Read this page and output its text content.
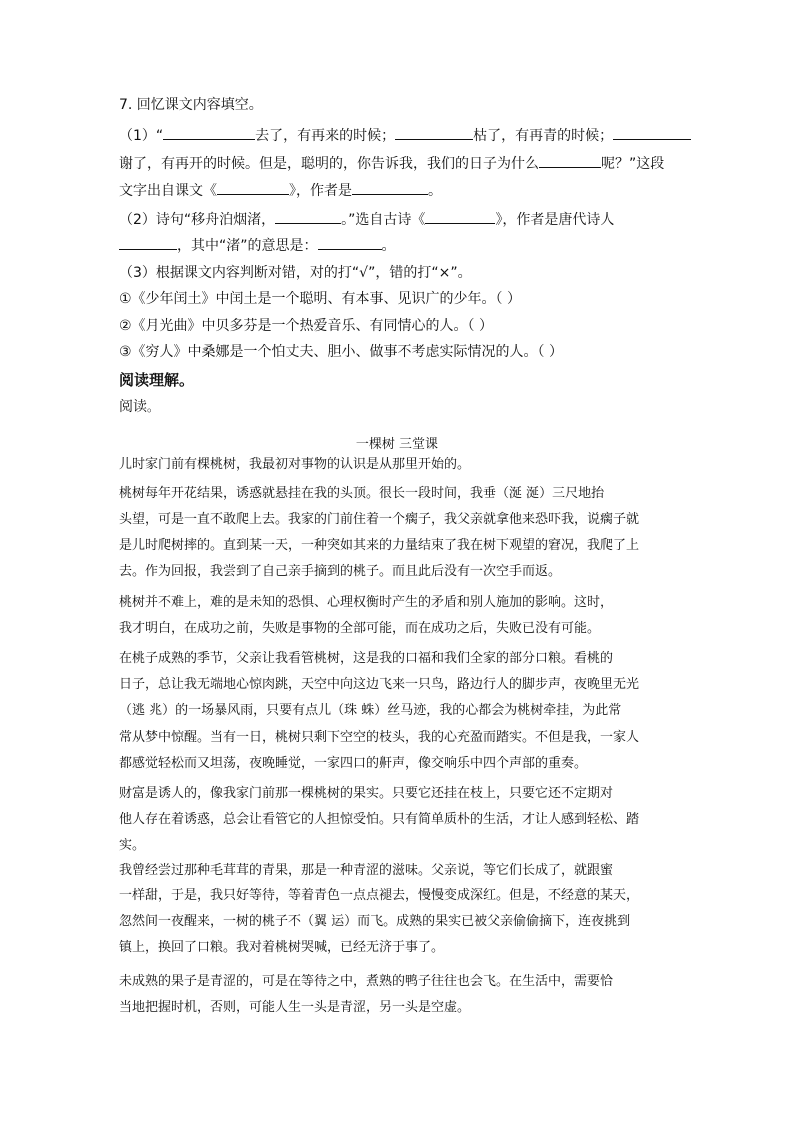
7. 回忆课文内容填空。
（1）“	去了，有再来的时候；	枯了，有再青的时候；
谢了，有再开的时候。但是，聪明的，你告诉我，我们的日子为什么	呢？”这段
文字出自课文《	》，作者是	。
（2）诗句“移舟泊烟渚，	。”选自古诗《	》，作者是唐代诗人
，其中“渚”的意思是：	。
（3）根据课文内容判断对错，对的打“√”，错的打“×”。
①《少年闰土》中闰土是一个聪明、有本事、见识广的少年。（ ）
②《月光曲》中贝多芬是一个热爱音乐、有同情心的人。（ ）
③《穷人》中桑娜是一个怕丈夫、胆小、做事不考虑实际情况的人。（ ）
阅读理解。
阅读。
一棵树 三堂课
儿时家门前有棵桃树，我最初对事物的认识是从那里开始的。
桃树每年开花结果，诱惑就悬挂在我的头顶。很长一段时间，我垂（涎 涎）三尺地抬
头望，可是一直不敢爬上去。我家的门前住着一个瘸子，我父亲就拿他来恐吓我，说瘸子就
是儿时爬树摔的。直到某一天，一种突如其来的力量结束了我在树下观望的窘况，我爬了上
去。作为回报，我尝到了自己亲手摘到的桃子。而且此后没有一次空手而返。
桃树并不难上，难的是未知的恐惧、心理权衡时产生的矛盾和别人施加的影响。这时，
我才明白，在成功之前，失败是事物的全部可能，而在成功之后，失败已没有可能。
在桃子成熟的季节，父亲让我看管桃树，这是我的口福和我们全家的部分口粮。看桃的
日子，总让我无端地心惊肉跳，天空中向这边飞来一只鸟，路边行人的脚步声，夜晚里无光
（逃 兆）的一场暴风雨，只要有点儿（珠 蛛）丝马迹，我的心都会为桃树牵挂，为此常
常从梦中惊醒。当有一日，桃树只剩下空空的枝头，我的心充盈而踏实。不但是我，一家人
都感觉轻松而又坦荡，夜晚睡觉，一家四口的鼾声，像交响乐中四个声部的重奏。
财富是诱人的，像我家门前那一棵桃树的果实。只要它还挂在枝上，只要它还不定期对
他人存在着诱惑，总会让看管它的人担惊受怕。只有简单质朴的生活，才让人感到轻松、踏
实。
我曾经尝过那种毛茸茸的青果，那是一种青涩的滋味。父亲说，等它们长成了，就跟蜜
一样甜，于是，我只好等待，等着青色一点点褪去，慢慢变成深红。但是，不经意的某天，
忽然间一夜醒来，一树的桃子不（翼 运）而飞。成熟的果实已被父亲偷偷摘下，连夜挑到
镇上，换回了口粮。我对着桃树哭喊，已经无济于事了。
未成熟的果子是青涩的，可是在等待之中，煮熟的鸭子往往也会飞。在生活中，需要恰
当地把握时机，否则，可能人生一头是青涩，另一头是空虚。
